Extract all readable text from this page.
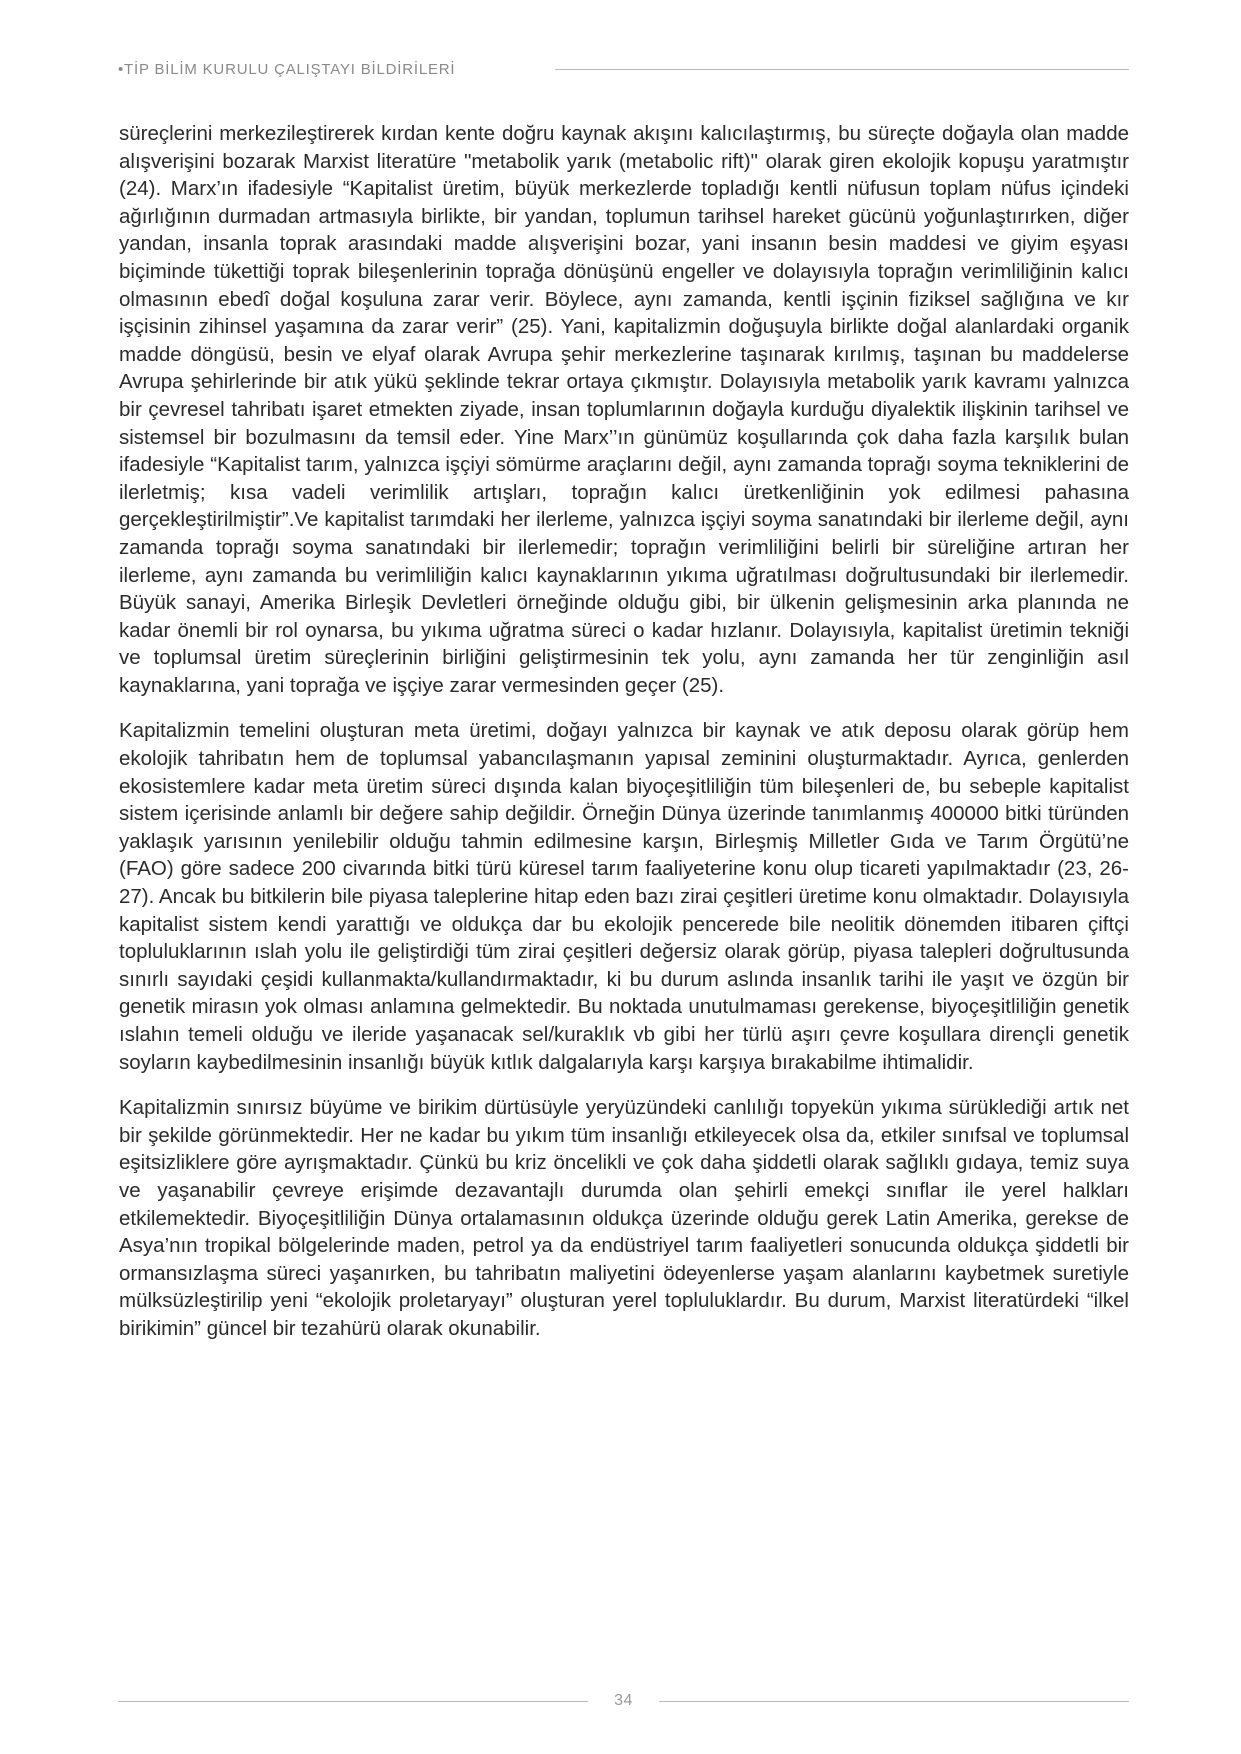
•TİP BİLİM KURULU ÇALIŞTAYI BİLDİRİLERİ

süreçlerini merkezileştirerek kırdan kente doğru kaynak akışını kalıcılaştırmış, bu süreçte doğayla olan madde alışverişini bozarak Marxist literatüre "metabolik yarık (metabolic rift)" olarak giren ekolojik kopuşu yaratmıştır (24). Marx’ın ifadesiyle “Kapitalist üretim, büyük merkezlerde topladığı kentli nüfusun toplam nüfus içindeki ağırlığının durmadan artmasıyla birlikte, bir yandan, toplumun tarihsel hareket gücünü yoğunlaştırırken, diğer yandan, insanla toprak arasındaki madde alışverişini bozar, yani insanın besin maddesi ve giyim eşyası biçiminde tükettiği toprak bileşenlerinin toprağa dönüşünü engeller ve dolayısıyla toprağın verimliliğinin kalıcı olmasının ebedî doğal koşuluna zarar verir. Böylece, aynı zamanda, kentli işçinin fiziksel sağlığına ve kır işçisinin zihinsel yaşamına da zarar verir” (25). Yani, kapitalizmin doğuşuyla birlikte doğal alanlardaki organik madde döngüsü, besin ve elyaf olarak Avrupa şehir merkezlerine taşınarak kırılmış, taşınan bu maddelerse Avrupa şehirlerinde bir atık yükü şeklinde tekrar ortaya çıkmıştır. Dolayısıyla metabolik yarık kavramı yalnızca bir çevresel tahribatı işaret etmekten ziyade, insan toplumlarının doğayla kurduğu diyalektik ilişkinin tarihsel ve sistemsel bir bozulmasını da temsil eder. Yine Marx’’ın günümüz koşullarında çok daha fazla karşılık bulan ifadesiyle “Kapitalist tarım, yalnızca işçiyi sömürme araçlarını değil, aynı zamanda toprağı soyma tekniklerini de ilerletmiş; kısa vadeli verimlilik artışları, toprağın kalıcı üretkenliğinin yok edilmesi pahasına gerçekleştirilmiştir”.Ve kapitalist tarımdaki her ilerleme, yalnızca işçiyi soyma sanatındaki bir ilerleme değil, aynı zamanda toprağı soyma sanatındaki bir ilerlemedir; toprağın verimliliğini belirli bir süreliğine artıran her ilerleme, aynı zamanda bu verimliliğin kalıcı kaynaklarının yıkıma uğratılması doğrultusundaki bir ilerlemedir. Büyük sanayi, Amerika Birleşik Devletleri örneğinde olduğu gibi, bir ülkenin gelişmesinin arka planında ne kadar önemli bir rol oynarsa, bu yıkıma uğratma süreci o kadar hızlanır. Dolayısıyla, kapitalist üretimin tekniği ve toplumsal üretim süreçlerinin birliğini geliştirmesinin tek yolu, aynı zamanda her tür zenginliğin asıl kaynaklarına, yani toprağa ve işçiye zarar vermesinden geçer (25).

Kapitalizmin temelini oluşturan meta üretimi, doğayı yalnızca bir kaynak ve atık deposu olarak görüp hem ekolojik tahribatın hem de toplumsal yabancılaşmanın yapısal zeminini oluşturmaktadır. Ayrıca, genlerden ekosistemlere kadar meta üretim süreci dışında kalan biyoçeşitliliğin tüm bileşenleri de, bu sebeple kapitalist sistem içerisinde anlamlı bir değere sahip değildir. Örneğin Dünya üzerinde tanımlanmış 400000 bitki türünden yaklaşık yarısının yenilebilir olduğu tahmin edilmesine karşın, Birleşmiş Milletler Gıda ve Tarım Örgütü’ne (FAO) göre sadece 200 civarında bitki türü küresel tarım faaliyeterine konu olup ticareti yapılmaktadır (23, 26-27). Ancak bu bitkilerin bile piyasa taleplerine hitap eden bazı zirai çeşitleri üretime konu olmaktadır. Dolayısıyla kapitalist sistem kendi yarattığı ve oldukça dar bu ekolojik pencerede bile neolitik dönemden itibaren çiftçi topluluklarının ıslah yolu ile geliştirdiği tüm zirai çeşitleri değersiz olarak görüp, piyasa talepleri doğrultusunda sınırlı sayıdaki çeşidi kullanmakta/kullandırmaktadır, ki bu durum aslında insanlık tarihi ile yaşıt ve özgün bir genetik mirasın yok olması anlamına gelmektedir. Bu noktada unutulmaması gerekense, biyoçeşitliliğin genetik ıslahın temeli olduğu ve ileride yaşanacak sel/kuraklık vb gibi her türlü aşırı çevre koşullara dirençli genetik soyların kaybedilmesinin insanlığı büyük kıtlık dalgalarıyla karşı karşıya bırakabilme ihtimalidir.

Kapitalizmin sınırsız büyüme ve birikim dürtüsüyle yeryüzündeki canlılığı topyekün yıkıma sürüklediği artık net bir şekilde görünmektedir. Her ne kadar bu yıkım tüm insanlığı etkileyecek olsa da, etkiler sınıfsal ve toplumsal eşitsizliklere göre ayrışmaktadır. Çünkü bu kriz öncelikli ve çok daha şiddetli olarak sağlıklı gıdaya, temiz suya ve yaşanabilir çevreye erişimde dezavantajlı durumda olan şehirli emekçi sınıflar ile yerel halkları etkilemektedir. Biyoçeşitliliğin Dünya ortalamasının oldukça üzerinde olduğu gerek Latin Amerika, gerekse de Asya’nın tropikal bölgelerinde maden, petrol ya da endüstriyel tarım faaliyetleri sonucunda oldukça şiddetli bir ormansızlaşma süreci yaşanırken, bu tahribatın maliyetini ödeyenlerse yaşam alanlarını kaybetmek suretiyle mülksüzleştirilip yeni “ekolojik proletaryayı” oluşturan yerel topluluklardır. Bu durum, Marxist literatürdeki “ilkel birikimin” güncel bir tezahürü olarak okunabilir.

34
